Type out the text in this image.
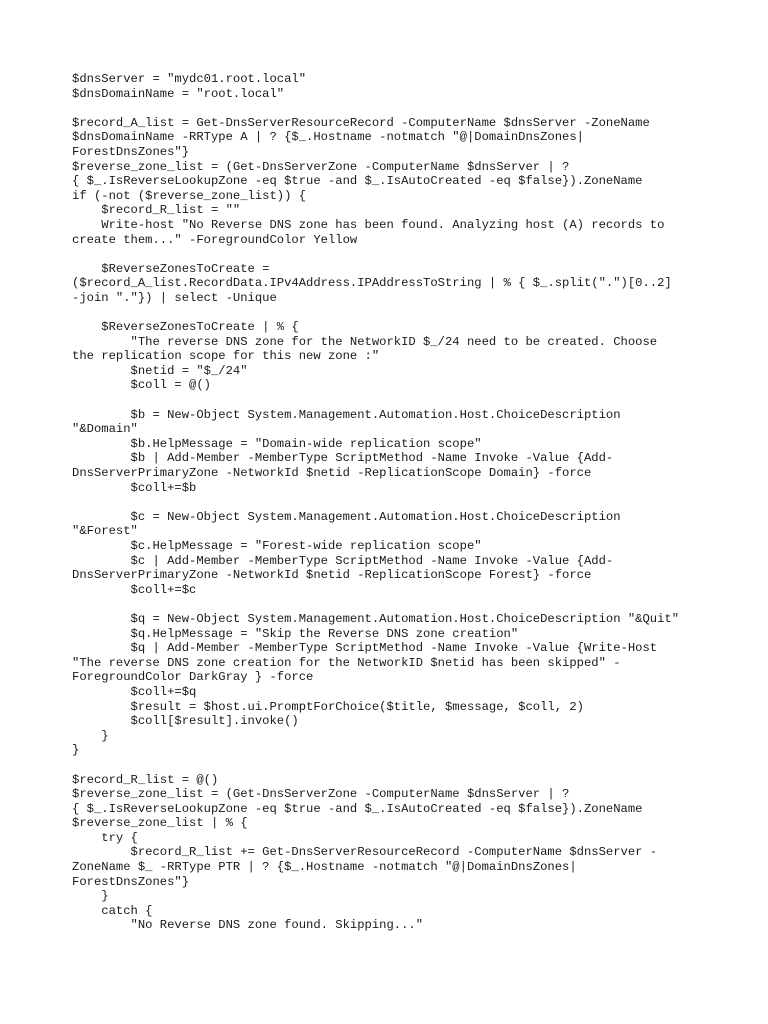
$dnsServer = "mydc01.root.local"
$dnsDomainName = "root.local"
$record_A_list = Get-DnsServerResourceRecord -ComputerName $dnsServer -ZoneName
$dnsDomainName -RRType A | ? {$_.Hostname -notmatch "@|DomainDnsZones|
ForestDnsZones"}
$reverse_zone_list = (Get-DnsServerZone -ComputerName $dnsServer | ?
{ $_.IsReverseLookupZone -eq $true -and $_.IsAutoCreated -eq $false}).ZoneName
if (-not ($reverse_zone_list)) {
$record_R_list = ""
Write-host "No Reverse DNS zone has been found. Analyzing host (A) records to
create them..." -ForegroundColor Yellow
$ReverseZonesToCreate =
($record_A_list.RecordData.IPv4Address.IPAddressToString | % { $_.split(".")[0..2]
-join "."}) | select -Unique
$ReverseZonesToCreate | % {
"The reverse DNS zone for the NetworkID $_/24 need to be created. Choose
the replication scope for this new zone :"
$netid = "$_/24"
$coll = @()
$b = New-Object System.Management.Automation.Host.ChoiceDescription
"&Domain"
$b.HelpMessage = "Domain-wide replication scope"
$b | Add-Member -MemberType ScriptMethod -Name Invoke -Value {Add-
DnsServerPrimaryZone -NetworkId $netid -ReplicationScope Domain} -force
$coll+=$b
$c = New-Object System.Management.Automation.Host.ChoiceDescription
"&Forest"
$c.HelpMessage = "Forest-wide replication scope"
$c | Add-Member -MemberType ScriptMethod -Name Invoke -Value {Add-
DnsServerPrimaryZone -NetworkId $netid -ReplicationScope Forest} -force
$coll+=$c
$q = New-Object System.Management.Automation.Host.ChoiceDescription "&Quit"
$q.HelpMessage = "Skip the Reverse DNS zone creation"
$q | Add-Member -MemberType ScriptMethod -Name Invoke -Value {Write-Host
"The reverse DNS zone creation for the NetworkID $netid has been skipped" -
ForegroundColor DarkGray } -force
$coll+=$q
$result = $host.ui.PromptForChoice($title, $message, $coll, 2)
$coll[$result].invoke()
}
}
$record_R_list = @()
$reverse_zone_list = (Get-DnsServerZone -ComputerName $dnsServer | ?
{ $_.IsReverseLookupZone -eq $true -and $_.IsAutoCreated -eq $false}).ZoneName
$reverse_zone_list | % {
try {
$record_R_list += Get-DnsServerResourceRecord -ComputerName $dnsServer -
ZoneName $_ -RRType PTR | ? {$_.Hostname -notmatch "@|DomainDnsZones|
ForestDnsZones"}
}
catch {
"No Reverse DNS zone found. Skipping..."
